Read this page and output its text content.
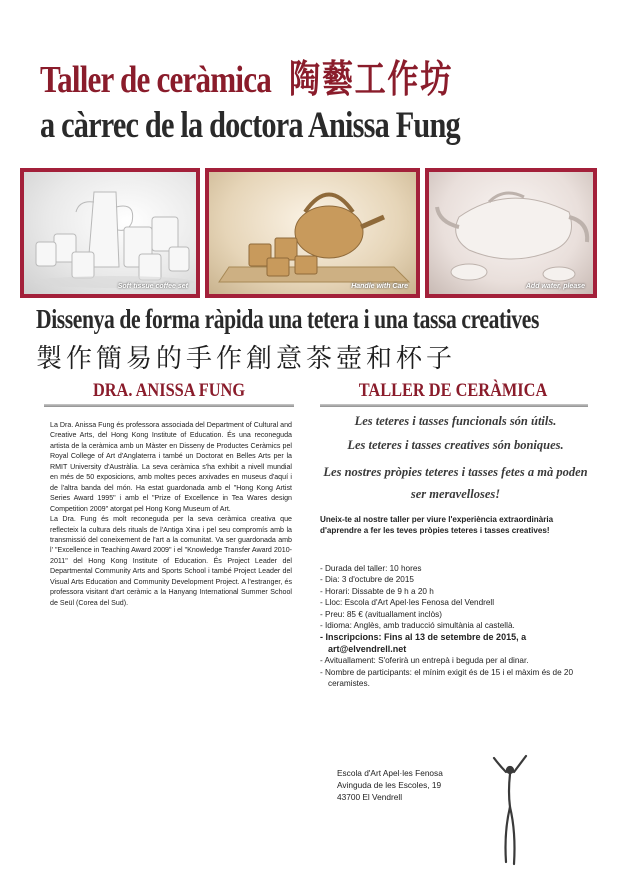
Taller de ceràmica 陶藝工作坊
a càrrec de la doctora Anissa Fung
Soft tissue coffee set	Handle with Care	Add water, please
Dissenya de forma ràpida una tetera i una tassa creatives
製作簡易的手作創意茶壺和杯子
DRA. ANISSA FUNG	TALLER DE CERÀMICA

La Dra. Anissa Fung és professora associada del Department of Cultural and Creative Arts, del Hong Kong Institute of Education. És una reconeguda artista de la ceràmica amb un Màster en Disseny de Productes Ceràmics pel Royal College of Art d'Anglaterra i també un Doctorat en Belles Arts per la RMIT University d'Austràlia. La seva ceràmica s'ha exhibit a nivell mundial en més de 50 exposicions, amb moltes peces arxivades en museus d'aquí i de l'altra banda del món. Ha estat guardonada amb el "Hong Kong Artist Series Award 1995" i amb el "Prize of Excellence in Tea Wares design Competition 2009" atorgat pel Hong Kong Museum of Art.

La Dra. Fung és molt reconeguda per la seva ceràmica creativa que reflecteix la cultura dels rituals de l'Antiga Xina i pel seu compromís amb la transmissió del coneixement de l'art a la comunitat. Va ser guardonada amb l' "Excellence in Teaching Award 2009" i el "Knowledge Transfer Award 2010-2011" del Hong Kong Institute of Education. És Project Leader del Departmental Community Arts and Sports School i també Project Leader del Visual Arts Education and Community Development Project. A l'estranger, és professora visitant d'art ceràmic a la Hanyang International Summer School de Seül (Corea del Sud).

Les teteres i tasses funcionals són útils.
Les teteres i tasses creatives són boniques.
Les nostres pròpies teteres i tasses fetes a mà poden ser meravelloses!
Uneix-te al nostre taller per viure l'experiència extraordinària d'aprendre a fer les teves pròpies teteres i tasses creatives!
- Durada del taller: 10 hores
- Dia: 3 d'octubre de 2015
- Horari: Dissabte de 9 h a 20 h
- Lloc: Escola d'Art Apel·les Fenosa del Vendrell
- Preu: 85 € (avituallament inclòs)
- Idioma: Anglès, amb traducció simultània al castellà.
- Inscripcions: Fins al 13 de setembre de 2015, a art@elvendrell.net
- Avituallament: S'oferirà un entrepà i beguda per al dinar.
- Nombre de participants: el mínim exigit és de 15 i el màxim és de 20 ceramistes.
Escola d'Art Apel·les Fenosa
Avinguda de les Escoles, 19
43700 El Vendrell
